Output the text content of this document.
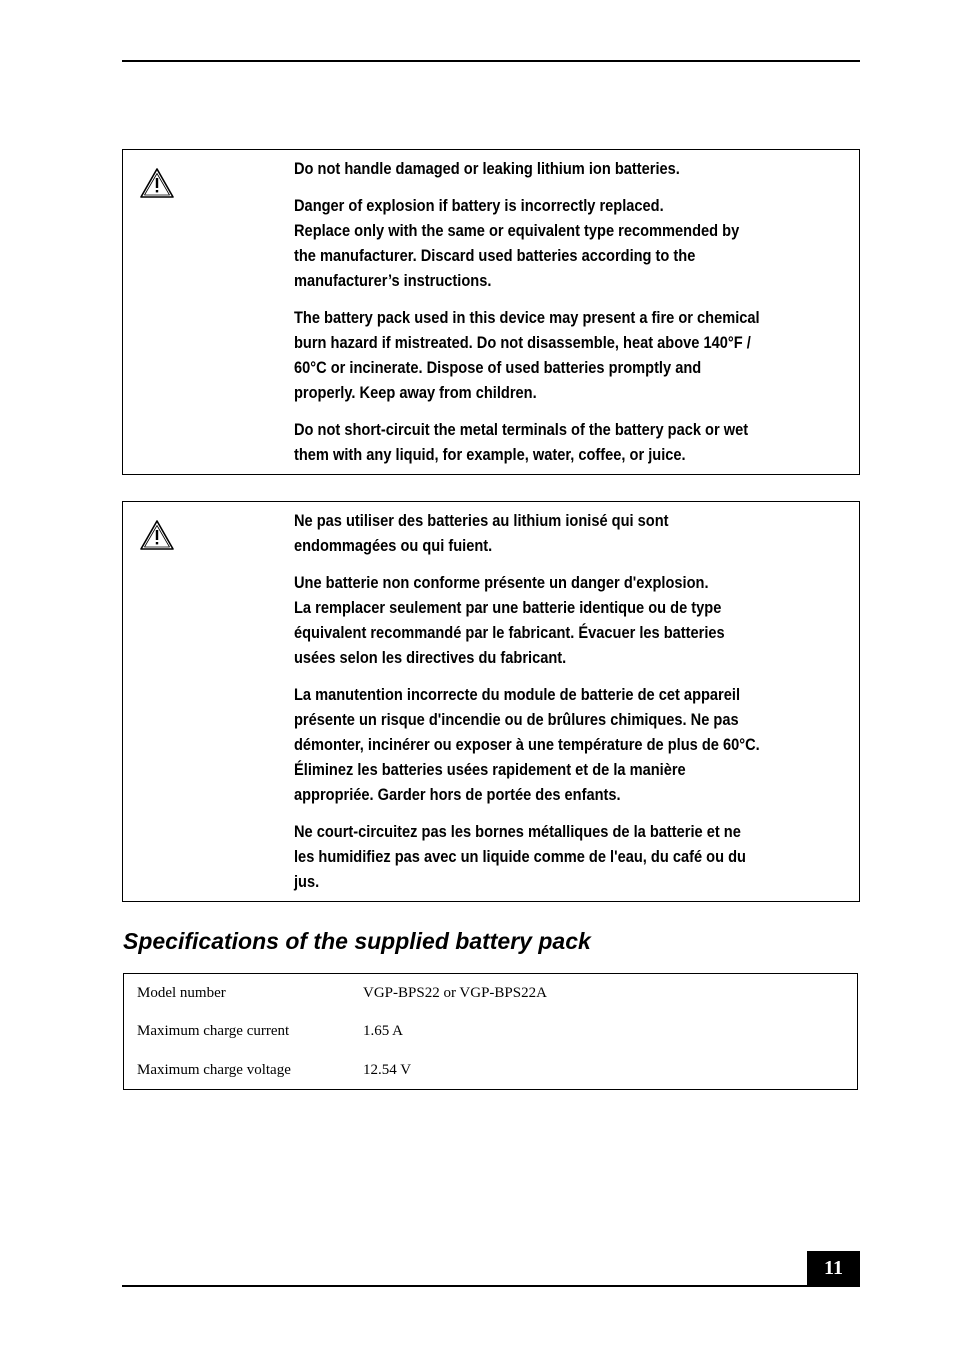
Do not handle damaged or leaking lithium ion batteries.

Danger of explosion if battery is incorrectly replaced.
Replace only with the same or equivalent type recommended by
the manufacturer. Discard used batteries according to the
manufacturer’s instructions.

The battery pack used in this device may present a fire or chemical
burn hazard if mistreated. Do not disassemble, heat above 140°F /
60°C or incinerate. Dispose of used batteries promptly and
properly. Keep away from children.

Do not short-circuit the metal terminals of the battery pack or wet
them with any liquid, for example, water, coffee, or juice.

Ne pas utiliser des batteries au lithium ionisé qui sont
endommagées ou qui fuient.

Une batterie non conforme présente un danger d'explosion.
La remplacer seulement par une batterie identique ou de type
équivalent recommandé par le fabricant. Évacuer les batteries
usées selon les directives du fabricant.

La manutention incorrecte du module de batterie de cet appareil
présente un risque d'incendie ou de brûlures chimiques. Ne pas
démonter, incinérer ou exposer à une température de plus de 60°C.
Éliminez les batteries usées rapidement et de la manière
appropriée. Garder hors de portée des enfants.

Ne court-circuitez pas les bornes métalliques de la batterie et ne
les humidifiez pas avec un liquide comme de l'eau, du café ou du
jus.

Specifications of the supplied battery pack
Model number	VGP-BPS22 or VGP-BPS22A
Maximum charge current	1.65 A
Maximum charge voltage	12.54 V
11
